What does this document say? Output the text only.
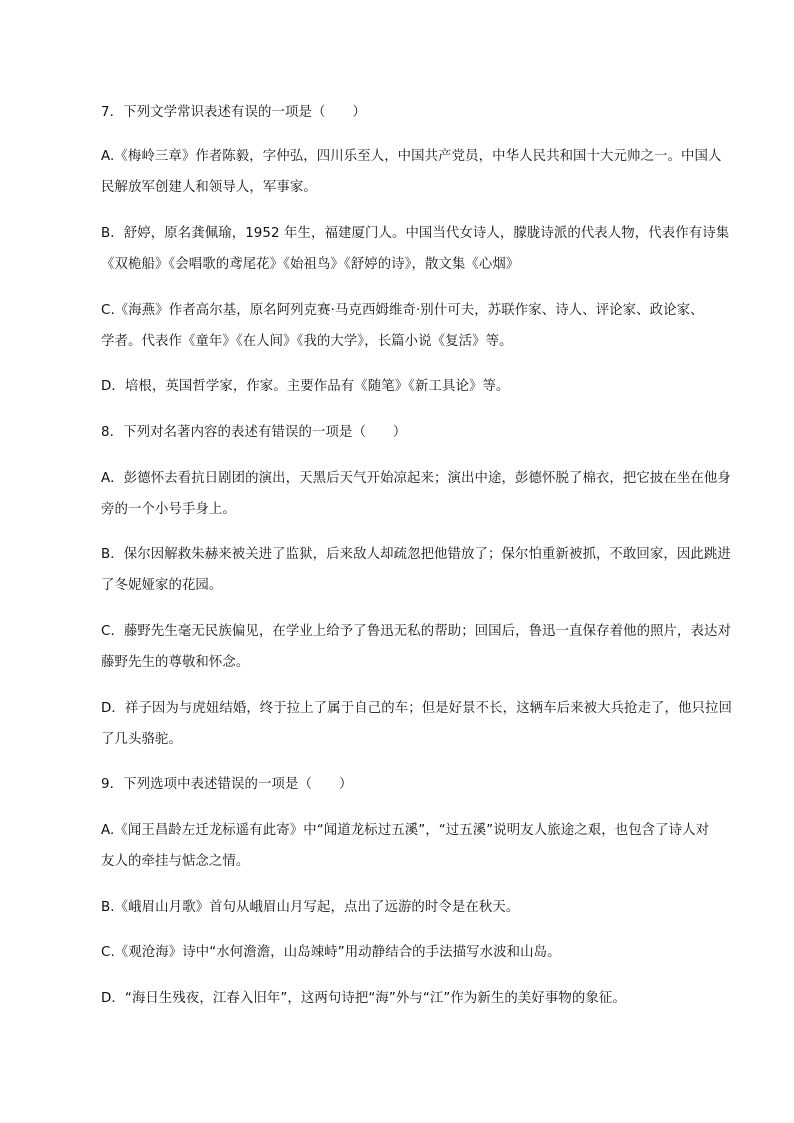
7．下列文学常识表述有误的一项是（　　）
A.《梅岭三章》作者陈毅，字仲弘，四川乐至人，中国共产党员，中华人民共和国十大元帅之一。中国人
民解放军创建人和领导人，军事家。
B．舒婷，原名龚佩瑜，1952 年生，福建厦门人。中国当代女诗人，朦胧诗派的代表人物，代表作有诗集
《双桅船》《会唱歌的鸢尾花》《始祖鸟》《舒婷的诗》，散文集《心烟》
C.《海燕》作者高尔基，原名阿列克赛·马克西姆维奇·别什可夫，苏联作家、诗人、评论家、政论家、
学者。代表作《童年》《在人间》《我的大学》，长篇小说《复活》等。
D．培根，英国哲学家，作家。主要作品有《随笔》《新工具论》等。
8．下列对名著内容的表述有错误的一项是（　　）
A．彭德怀去看抗日剧团的演出，天黑后天气开始凉起来；演出中途，彭德怀脱了棉衣，把它披在坐在他身
旁的一个小号手身上。
B．保尔因解救朱赫来被关进了监狱，后来敌人却疏忽把他错放了；保尔怕重新被抓，不敢回家，因此跳进
了冬妮娅家的花园。
C．藤野先生毫无民族偏见，在学业上给予了鲁迅无私的帮助；回国后，鲁迅一直保存着他的照片，表达对
藤野先生的尊敬和怀念。
D．祥子因为与虎妞结婚，终于拉上了属于自己的车；但是好景不长，这辆车后来被大兵抢走了，他只拉回
了几头骆驼。
9．下列选项中表述错误的一项是（　　）
A.《闻王昌龄左迁龙标遥有此寄》中“闻道龙标过五溪”，“过五溪”说明友人旅途之艰，也包含了诗人对
友人的牵挂与惦念之情。
B.《峨眉山月歌》首句从峨眉山月写起，点出了远游的时令是在秋天。
C.《观沧海》诗中“水何澹澹，山岛竦峙”用动静结合的手法描写水波和山岛。
D．“海日生残夜，江春入旧年”，这两句诗把“海”外与“江”作为新生的美好事物的象征。
